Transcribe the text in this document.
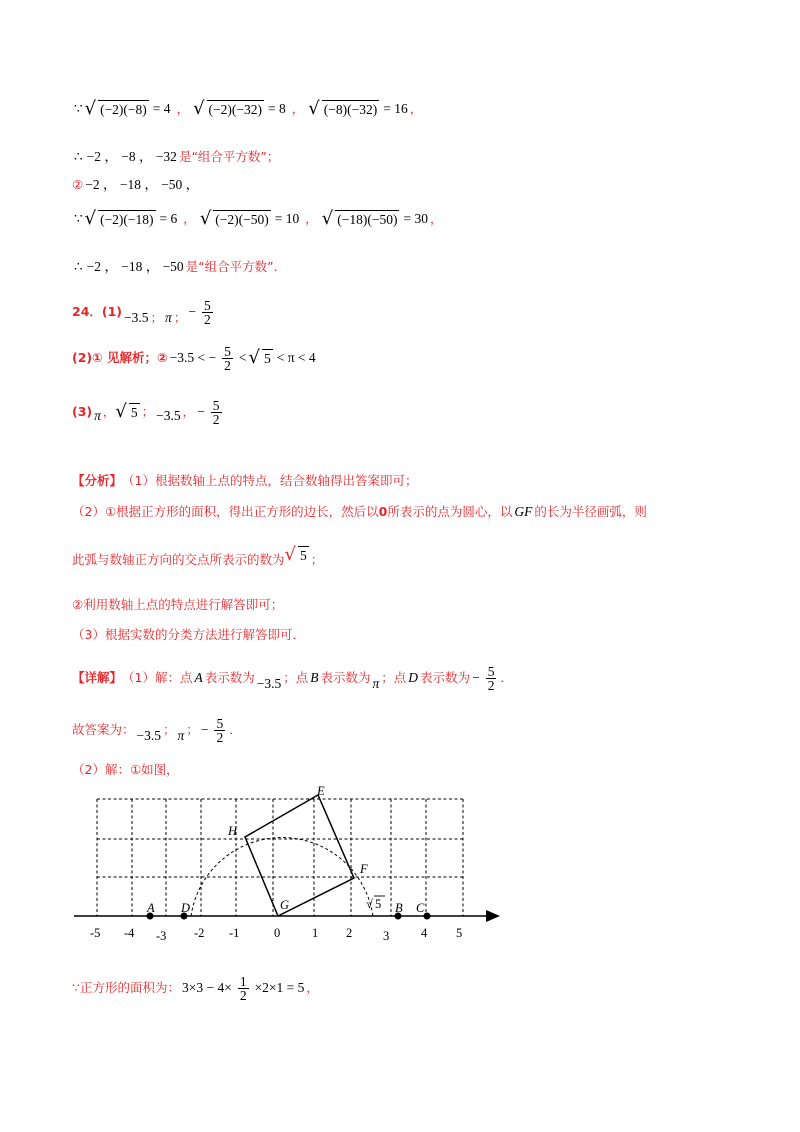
∵ √ (−2)(−8) = 4 ， √ (−2)(−32) = 8 ， √ (−8)(−32) = 16 ，
∴ −2 ， −8 ， −32 是“组合平方数”；
② −2 ， −18 ， −50 ，
∵ √ (−2)(−18) = 6 ， √ (−2)(−50) = 10 ， √ (−18)(−50) = 30 ，
∴ −2 ， −18 ， −50 是“组合平方数”．
24．(1) −3.5 ； π ； − $\frac{5}{2}$
(2)① 见解析；② −3.5 < − $\frac{5}{2}$ < √ 5 < π < 4
(3) π ， √ 5 ； −3.5 ， − $\frac{5}{2}$
【分析】 （1）根据数轴上点的特点，结合数轴得出答案即可；
（2）①根据正方形的面积，得出正方形的边长，然后以 0 所表示的点为圆心，以 GF 的长为半径画弧，则
此弧与数轴正方向的交点所表示的数为 √ 5 ；
②利用数轴上点的特点进行解答即可；
（3）根据实数的分类方法进行解答即可．
【详解】 （1）解：点 A 表示数为 −3.5 ；点 B 表示数为 π ；点 D 表示数为 − $\frac{5}{2}$ ．
故答案为： −3.5 ； π ； − $\frac{5}{2}$ ．
（2）解：①如图，
E
H
F
G
A D	B C
√ 5
-5 -4 -3 -2 -1	0	1 2 3	4 5
∵ 正方形的面积为： $3\times 3 - 4\times \frac{1}{2} \times 2\times 1 = 5$ ，
